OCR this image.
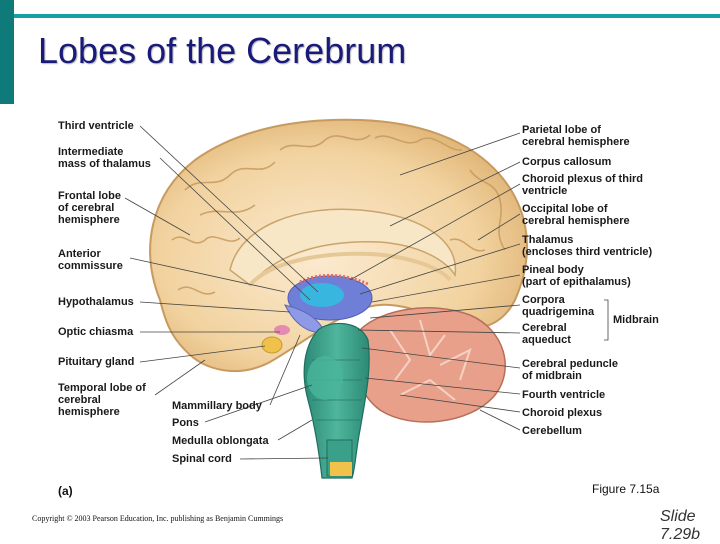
Lobes of the Cerebrum
Third ventricle
Intermediate
mass of thalamus
Frontal lobe
of cerebral
hemisphere
Anterior
commissure
Hypothalamus
Optic chiasma
Pituitary gland
Temporal lobe of
cerebral
hemisphere	Mammillary body
Pons
Medulla oblongata
Spinal cord
Parietal lobe of
cerebral hemisphere
Corpus callosum
Choroid plexus of third
ventricle
Occipital lobe of
cerebral hemisphere
Thalamus
(encloses third ventricle)
Pineal body
(part of epithalamus)
Corpora
quadrigemina
Cerebral
aqueduct
Midbrain
Cerebral peduncle
of midbrain
Fourth ventricle
Choroid plexus
Cerebellum
(a)	Figure 7.15a
Copyright © 2003 Pearson Education, Inc. publishing as Benjamin Cummings	Slide
7.29b
